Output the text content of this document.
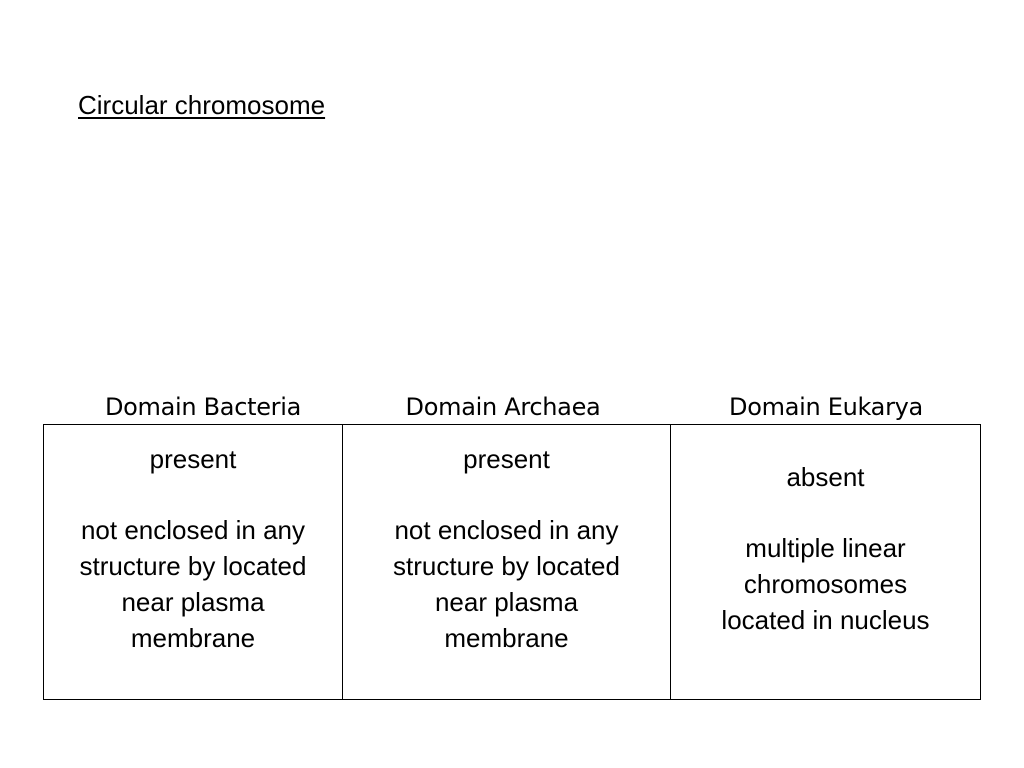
Circular chromosome
Domain Bacteria	Domain Archaea	Domain Eukarya
present
not enclosed in any
structure by located
near plasma
membrane
present
not enclosed in any
structure by located
near plasma
membrane
absent
multiple linear
chromosomes
located in nucleus
